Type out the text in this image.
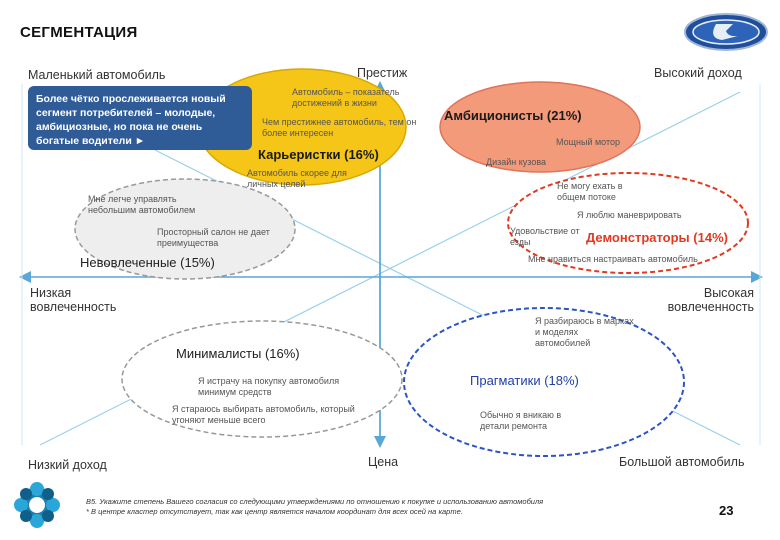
СЕГМЕНТАЦИЯ
Маленький автомобиль	Престиж	Высокий доход
Низкий доход	Цена	Большой автомобиль
Низкая вовлеченность
Высокая вовлеченность
Более чётко прослеживается новый сегмент потребителей – молодые, амбициозные, но пока не очень богатые водители ►
Карьеристки (16%)
Амбиционисты (21%)
Невовлеченные (15%)
Демонстраторы (14%)
Минималисты (16%)
Прагматики (18%)
Автомобиль – показатель достижений в жизни
Чем престижнее автомобиль, тем он более интересен
Автомобиль скорее для личных целей
Мощный мотор
Дизайн кузова
Мне легче управлять небольшим автомобилем
Просторный салон не дает преимущества
Не могу ехать в общем потоке
Я люблю маневрировать
Удовольствие от езды
Мне нравиться настраивать автомобиль
Я разбираюсь в марках и моделях автомобилей
Я истрачу на покупку автомобиля минимум средств
Я стараюсь выбирать автомобиль, который угоняют меньше всего	Обычно я вникаю в детали ремонта
В5. Укажите степень Вашего согласия со следующими утверждениями по отношению к покупке и использованию автомобиля
* В центре кластер отсутствует, так как центр является началом координат для всех осей на карте.	23
